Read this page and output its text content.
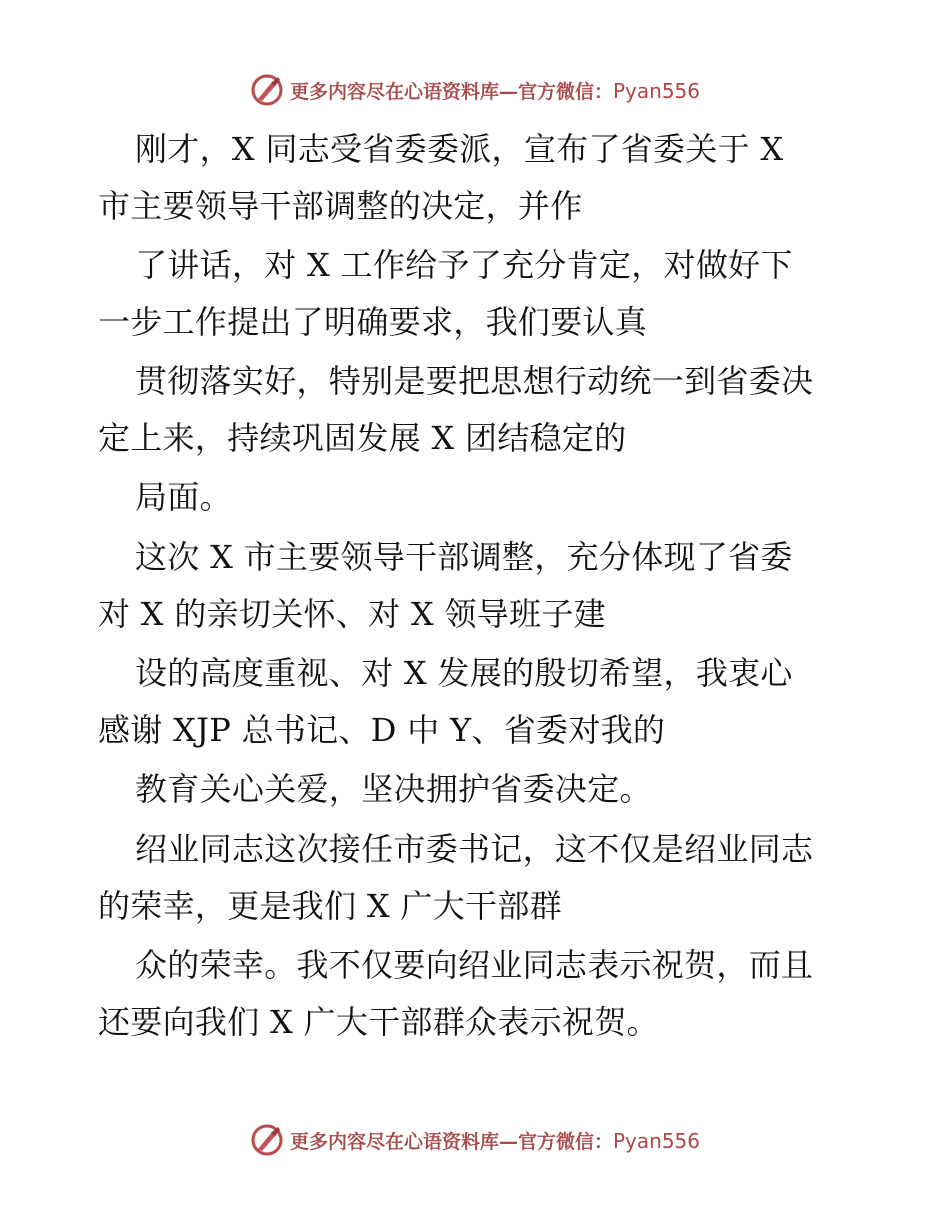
更多内容尽在心语资料库—官方微信：Pyan556
刚才，X 同志受省委委派，宣布了省委关于 X
市主要领导干部调整的决定，并作
了讲话，对 X 工作给予了充分肯定，对做好下
一步工作提出了明确要求，我们要认真
贯彻落实好，特别是要把思想行动统一到省委决
定上来，持续巩固发展 X 团结稳定的
局面。
这次 X 市主要领导干部调整，充分体现了省委
对 X 的亲切关怀、对 X 领导班子建
设的高度重视、对 X 发展的殷切希望，我衷心
感谢 XJP 总书记、D 中 Y、省委对我的
教育关心关爱，坚决拥护省委决定。
绍业同志这次接任市委书记，这不仅是绍业同志
的荣幸，更是我们 X 广大干部群
众的荣幸。我不仅要向绍业同志表示祝贺，而且
还要向我们 X 广大干部群众表示祝贺。
更多内容尽在心语资料库—官方微信：Pyan556
